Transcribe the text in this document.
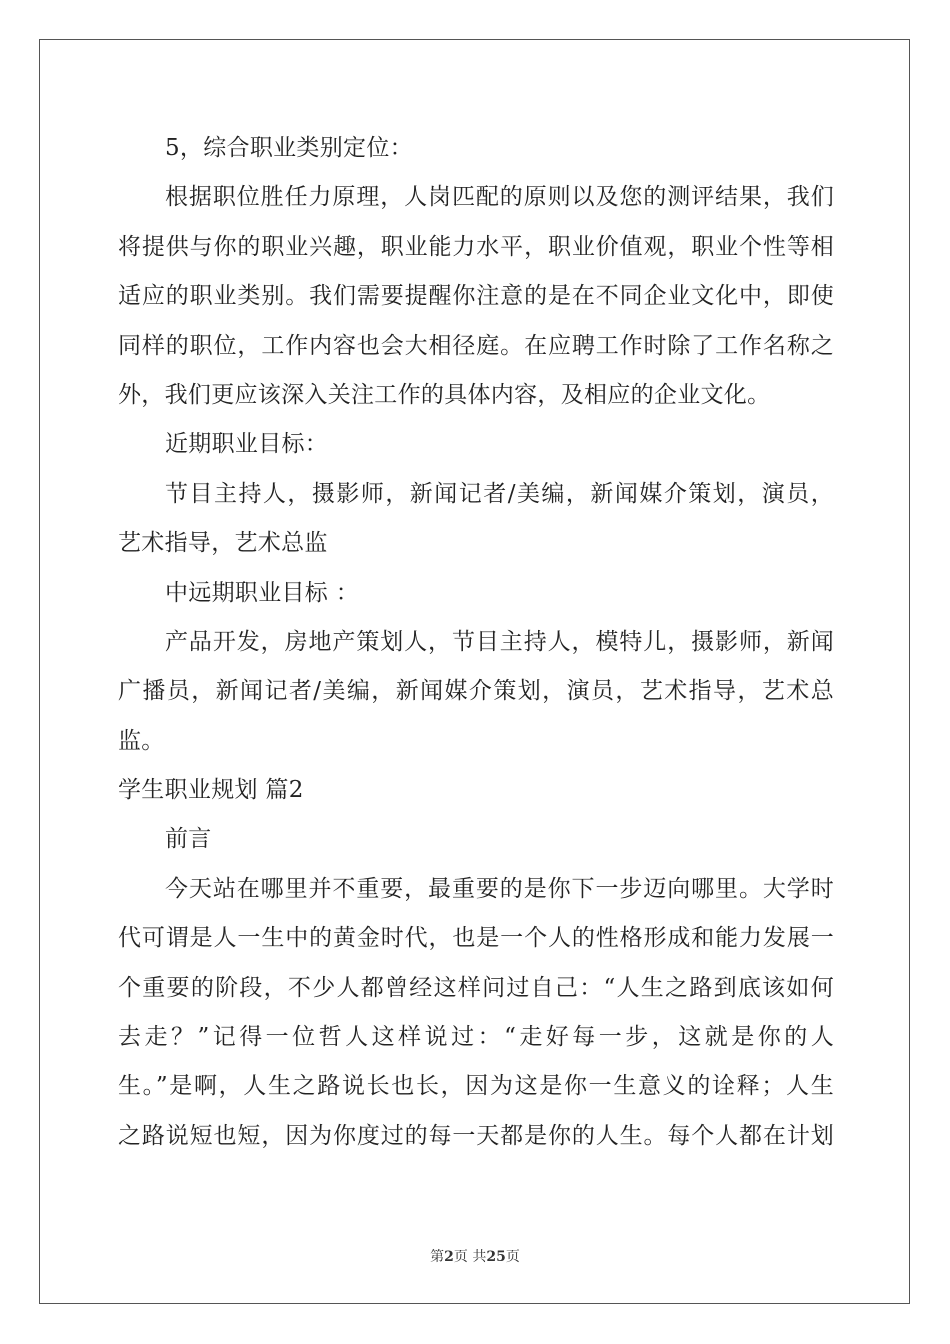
5，综合职业类别定位：
根据职位胜任力原理，人岗匹配的原则以及您的测评结果，我们
将提供与你的职业兴趣，职业能力水平，职业价值观，职业个性等相
适应的职业类别。我们需要提醒你注意的是在不同企业文化中，即使
同样的职位，工作内容也会大相径庭。在应聘工作时除了工作名称之
外，我们更应该深入关注工作的具体内容，及相应的企业文化。
近期职业目标：
节目主持人，摄影师，新闻记者/美编，新闻媒介策划，演员，
艺术指导，艺术总监
中远期职业目标 ：
产品开发，房地产策划人，节目主持人，模特儿，摄影师，新闻
广播员，新闻记者/美编，新闻媒介策划，演员，艺术指导，艺术总
监。
学生职业规划 篇2
前言
今天站在哪里并不重要，最重要的是你下一步迈向哪里。大学时
代可谓是人一生中的黄金时代，也是一个人的性格形成和能力发展一
个重要的阶段，不少人都曾经这样问过自己：“人生之路到底该如何
去走？”记得一位哲人这样说过：“走好每一步，这就是你的人
生。”是啊，人生之路说长也长，因为这是你一生意义的诠释；人生
之路说短也短，因为你度过的每一天都是你的人生。每个人都在计划
第2页 共25页
